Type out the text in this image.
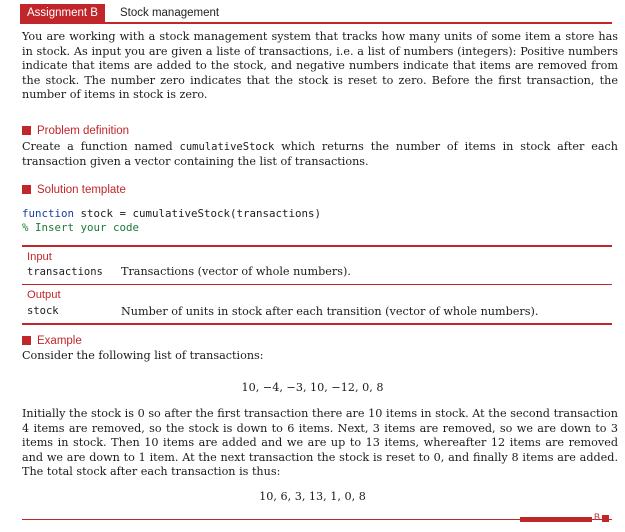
Assignment B	Stock management
You are working with a stock management system that tracks how many units of some item a store has in stock. As input you are given a liste of transactions, i.e. a list of numbers (integers): Positive numbers indicate that items are added to the stock, and negative numbers indicate that items are removed from the stock. The number zero indicates that the stock is reset to zero. Before the first transaction, the number of items in stock is zero.
Problem definition
Create a function named cumulativeStock which returns the number of items in stock after each transaction given a vector containing the list of transactions.
Solution template
function stock = cumulativeStock(transactions)
% Insert your code
Input
transactions Transactions (vector of whole numbers).
Output
stock	Number of units in stock after each transition (vector of whole numbers).
Example
Consider the following list of transactions:
10, −4, −3, 10, −12, 0, 8
Initially the stock is 0 so after the first transaction there are 10 items in stock. At the second transaction 4 items are removed, so the stock is down to 6 items. Next, 3 items are removed, so we are down to 3 items in stock. Then 10 items are added and we are up to 13 items, whereafter 12 items are removed and we are down to 1 item. At the next transaction the stock is reset to 0, and finally 8 items are added. The total stock after each transaction is thus:
10, 6, 3, 13, 1, 0, 8
B
